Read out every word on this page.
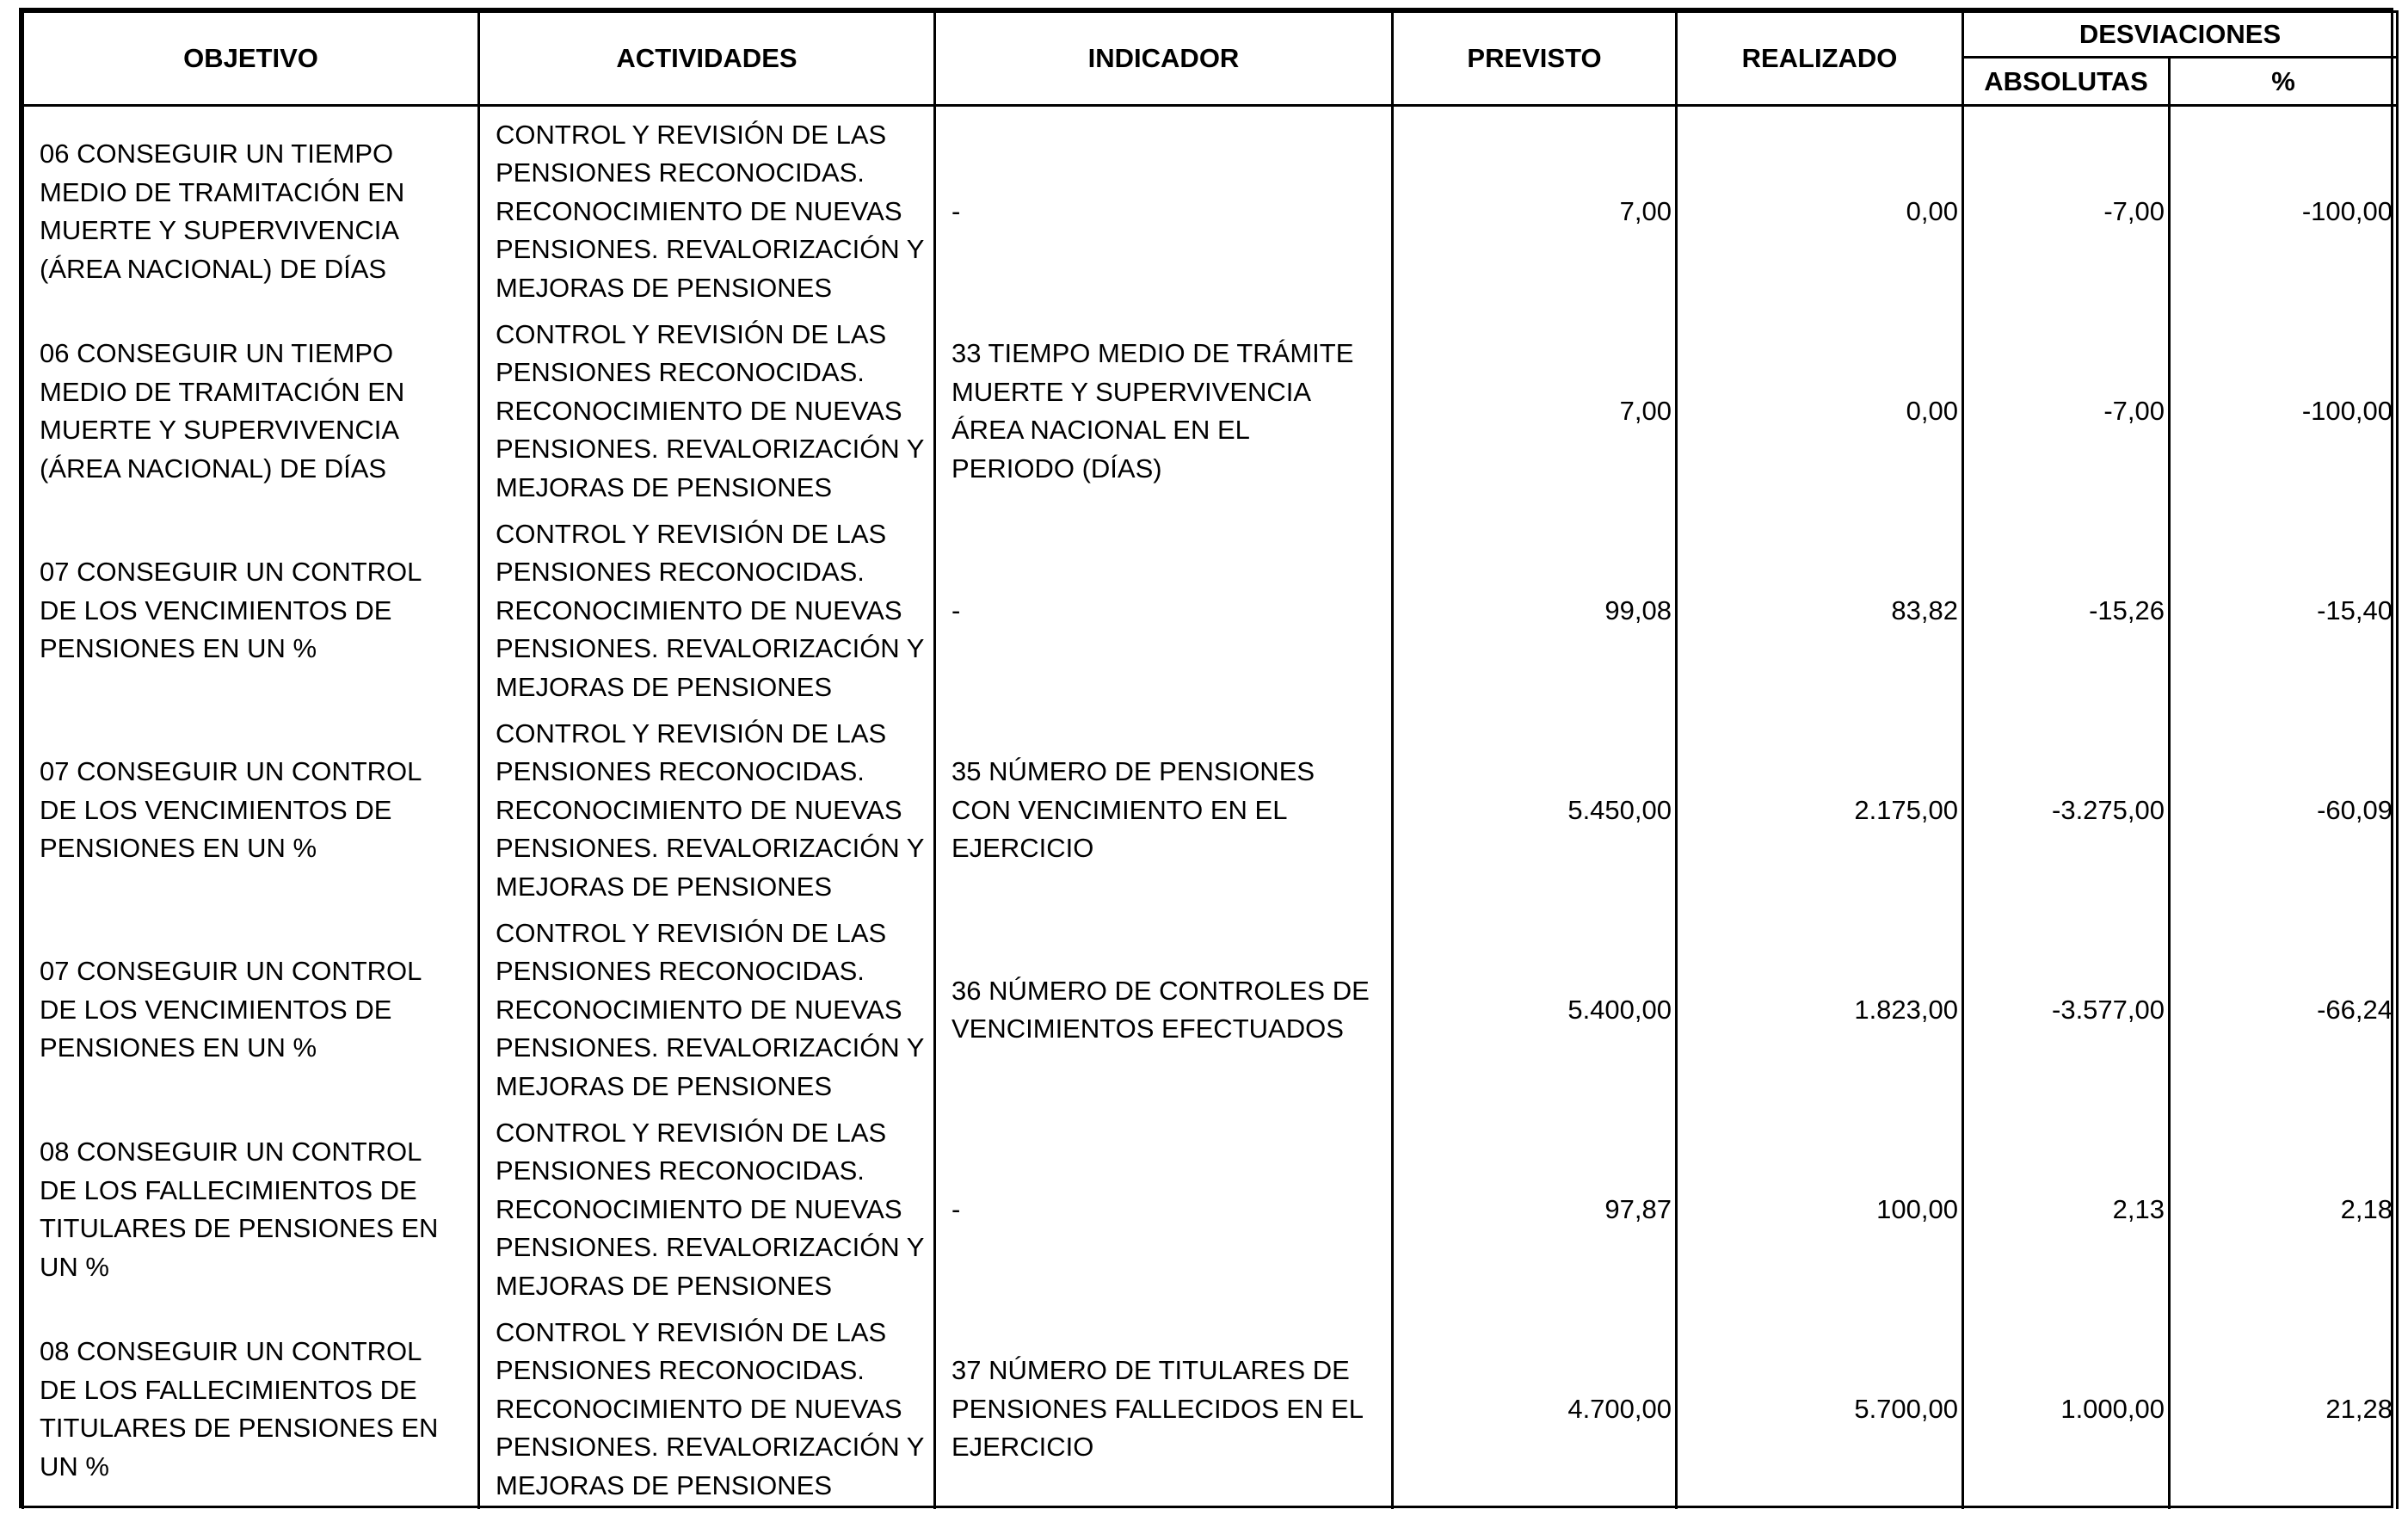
OBJETIVO	ACTIVIDADES	INDICADOR	PREVISTO	REALIZADO	DESVIACIONES	
					ABSOLUTAS	%
06 CONSEGUIR UN TIEMPO MEDIO DE TRAMITACIÓN EN MUERTE Y SUPERVIVENCIA (ÁREA NACIONAL) DE DÍAS	CONTROL Y REVISIÓN DE LAS PENSIONES RECONOCIDAS. RECONOCIMIENTO DE NUEVAS PENSIONES. REVALORIZACIÓN Y MEJORAS DE PENSIONES	-	7,00	0,00	-7,00	-100,00
06 CONSEGUIR UN TIEMPO MEDIO DE TRAMITACIÓN EN MUERTE Y SUPERVIVENCIA (ÁREA NACIONAL) DE DÍAS	CONTROL Y REVISIÓN DE LAS PENSIONES RECONOCIDAS. RECONOCIMIENTO DE NUEVAS PENSIONES. REVALORIZACIÓN Y MEJORAS DE PENSIONES	33 TIEMPO MEDIO DE TRÁMITE MUERTE Y SUPERVIVENCIA ÁREA NACIONAL EN EL PERIODO (DÍAS)	7,00	0,00	-7,00	-100,00
07 CONSEGUIR UN CONTROL DE LOS VENCIMIENTOS DE PENSIONES EN UN %	CONTROL Y REVISIÓN DE LAS PENSIONES RECONOCIDAS. RECONOCIMIENTO DE NUEVAS PENSIONES. REVALORIZACIÓN Y MEJORAS DE PENSIONES	-	99,08	83,82	-15,26	-15,40
07 CONSEGUIR UN CONTROL DE LOS VENCIMIENTOS DE PENSIONES EN UN %	CONTROL Y REVISIÓN DE LAS PENSIONES RECONOCIDAS. RECONOCIMIENTO DE NUEVAS PENSIONES. REVALORIZACIÓN Y MEJORAS DE PENSIONES	35 NÚMERO DE PENSIONES CON VENCIMIENTO EN EL EJERCICIO	5.450,00	2.175,00	-3.275,00	-60,09
07 CONSEGUIR UN CONTROL DE LOS VENCIMIENTOS DE PENSIONES EN UN %	CONTROL Y REVISIÓN DE LAS PENSIONES RECONOCIDAS. RECONOCIMIENTO DE NUEVAS PENSIONES. REVALORIZACIÓN Y MEJORAS DE PENSIONES	36 NÚMERO DE CONTROLES DE VENCIMIENTOS EFECTUADOS	5.400,00	1.823,00	-3.577,00	-66,24
08 CONSEGUIR UN CONTROL DE LOS FALLECIMIENTOS DE TITULARES DE PENSIONES EN UN %	CONTROL Y REVISIÓN DE LAS PENSIONES RECONOCIDAS. RECONOCIMIENTO DE NUEVAS PENSIONES. REVALORIZACIÓN Y MEJORAS DE PENSIONES	-	97,87	100,00	2,13	2,18
08 CONSEGUIR UN CONTROL DE LOS FALLECIMIENTOS DE TITULARES DE PENSIONES EN UN %	CONTROL Y REVISIÓN DE LAS PENSIONES RECONOCIDAS. RECONOCIMIENTO DE NUEVAS PENSIONES. REVALORIZACIÓN Y MEJORAS DE PENSIONES	37 NÚMERO DE TITULARES DE PENSIONES FALLECIDOS EN EL EJERCICIO	4.700,00	5.700,00	1.000,00	21,28
